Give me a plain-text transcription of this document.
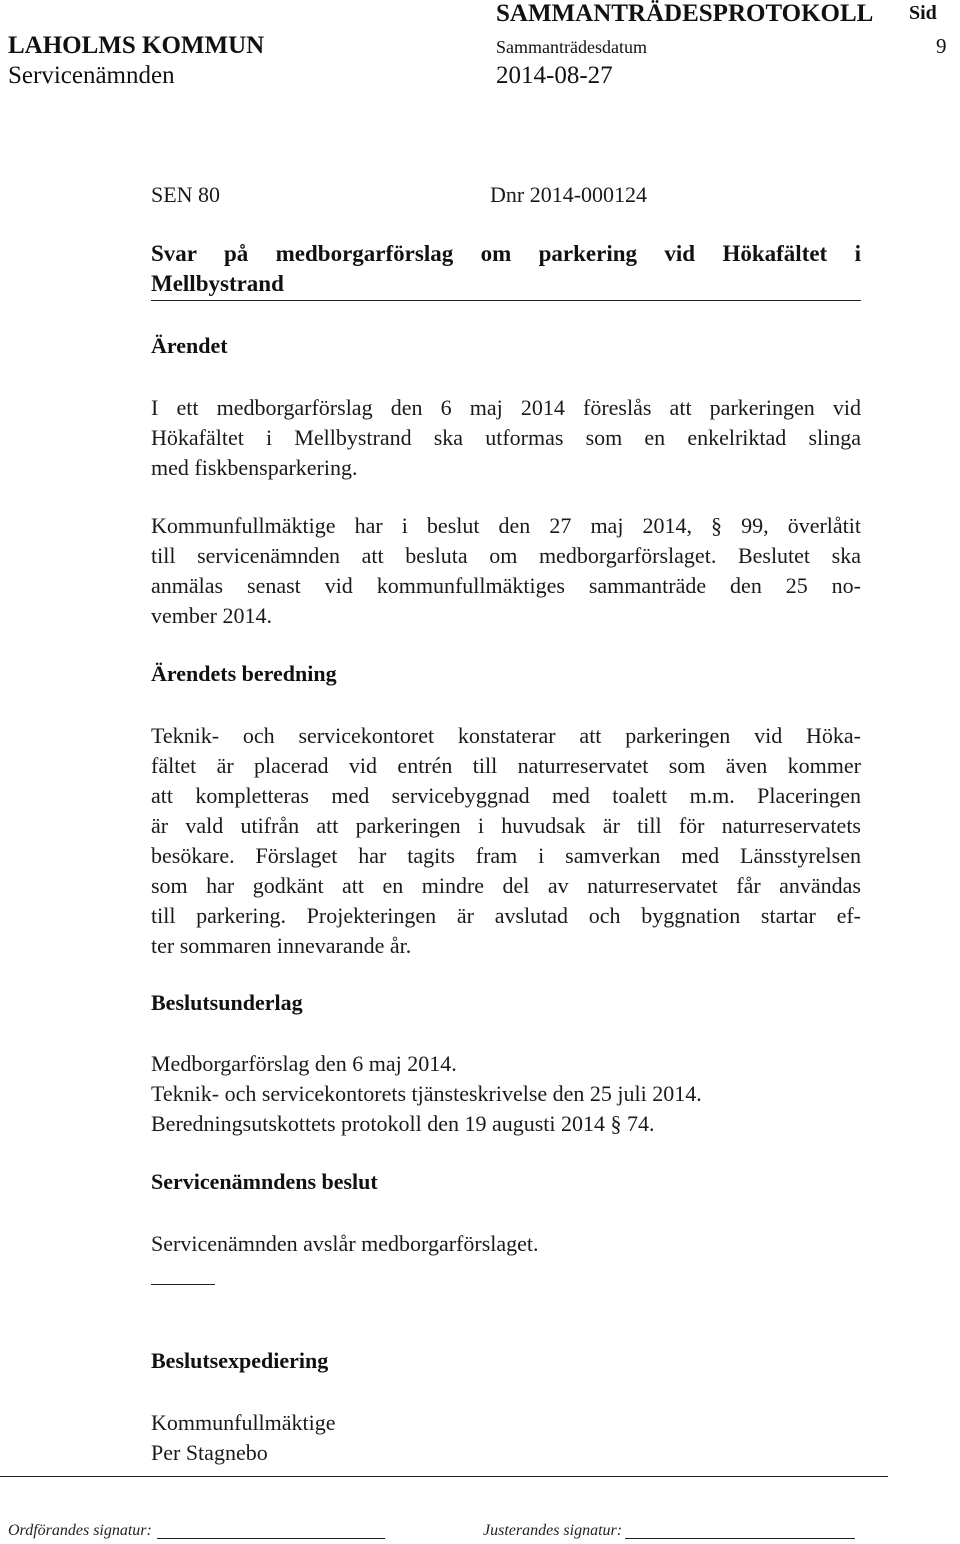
SAMMANTRÄDESPROTOKOLL Sid
LAHOLMS KOMMUN	Sammanträdesdatum	9
Servicenämnden	2014-08-27
SEN 80	Dnr 2014-000124
Svar på medborgarförslag om parkering vid Hökafältet i
Mellbystrand
Ärendet
I ett medborgarförslag den 6 maj 2014 föreslås att parkeringen vid
Hökafältet i Mellbystrand ska utformas som en enkelriktad slinga
med fiskbensparkering.
Kommunfullmäktige har i beslut den 27 maj 2014, § 99, överlåtit
till servicenämnden att besluta om medborgarförslaget. Beslutet ska
anmälas senast vid kommunfullmäktiges sammanträde den 25 no-
vember 2014.
Ärendets beredning
Teknik- och servicekontoret konstaterar att parkeringen vid Höka-
fältet är placerad vid entrén till naturreservatet som även kommer
att kompletteras med servicebyggnad med toalett m.m. Placeringen
är vald utifrån att parkeringen i huvudsak är till för naturreservatets
besökare. Förslaget har tagits fram i samverkan med Länsstyrelsen
som har godkänt att en mindre del av naturreservatet får användas
till parkering. Projekteringen är avslutad och byggnation startar ef-
ter sommaren innevarande år.
Beslutsunderlag
Medborgarförslag den 6 maj 2014.
Teknik- och servicekontorets tjänsteskrivelse den 25 juli 2014.
Beredningsutskottets protokoll den 19 augusti 2014 § 74.
Servicenämndens beslut
Servicenämnden avslår medborgarförslaget.
Beslutsexpediering
Kommunfullmäktige
Per Stagnebo
Ordförandes signatur:	Justerandes signatur:
